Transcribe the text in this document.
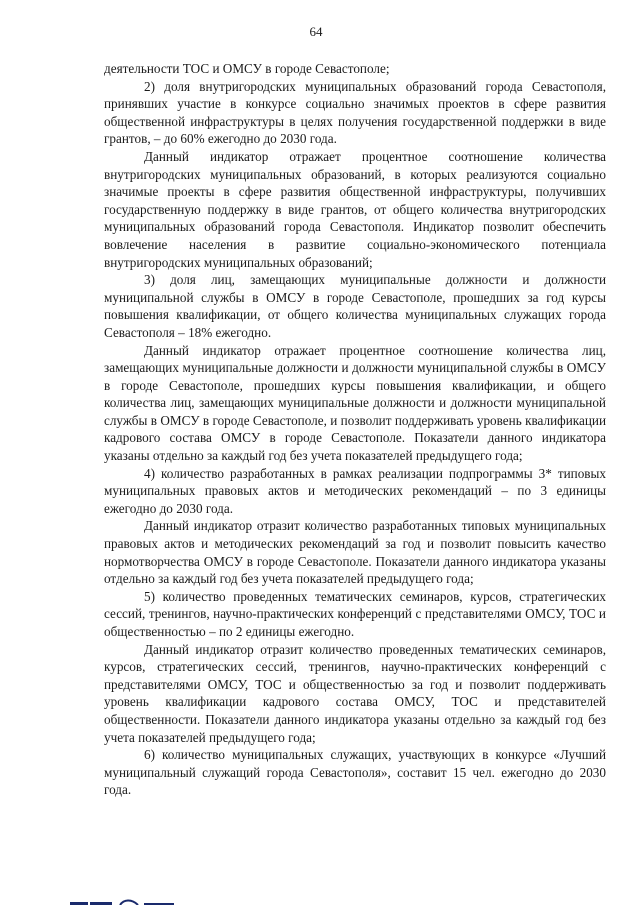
64

деятельности ТОС и ОМСУ в городе Севастополе;

2) доля внутригородских муниципальных образований города Севастополя, принявших участие в конкурсе социально значимых проектов в сфере развития общественной инфраструктуры в целях получения государственной поддержки в виде грантов, – до 60% ежегодно до 2030 года.

Данный индикатор отражает процентное соотношение количества внутригородских муниципальных образований, в которых реализуются социально значимые проекты в сфере развития общественной инфраструктуры, получивших государственную поддержку в виде грантов, от общего количества внутригородских муниципальных образований города Севастополя. Индикатор позволит обеспечить вовлечение населения в развитие социально-экономического потенциала внутригородских муниципальных образований;

3) доля лиц, замещающих муниципальные должности и должности муниципальной службы в ОМСУ в городе Севастополе, прошедших за год курсы повышения квалификации, от общего количества муниципальных служащих города Севастополя – 18% ежегодно.

Данный индикатор отражает процентное соотношение количества лиц, замещающих муниципальные должности и должности муниципальной службы в ОМСУ в городе Севастополе, прошедших курсы повышения квалификации, и общего количества лиц, замещающих муниципальные должности и должности муниципальной службы в ОМСУ в городе Севастополе, и позволит поддерживать уровень квалификации кадрового состава ОМСУ в городе Севастополе. Показатели данного индикатора указаны отдельно за каждый год без учета показателей предыдущего года;

4) количество разработанных в рамках реализации подпрограммы 3* типовых муниципальных правовых актов и методических рекомендаций – по 3 единицы ежегодно до 2030 года.

Данный индикатор отразит количество разработанных типовых муниципальных правовых актов и методических рекомендаций за год и позволит повысить качество нормотворчества ОМСУ в городе Севастополе. Показатели данного индикатора указаны отдельно за каждый год без учета показателей предыдущего года;

5) количество проведенных тематических семинаров, курсов, стратегических сессий, тренингов, научно-практических конференций с представителями ОМСУ, ТОС и общественностью – по 2 единицы ежегодно.

Данный индикатор отразит количество проведенных тематических семинаров, курсов, стратегических сессий, тренингов, научно-практических конференций с представителями ОМСУ, ТОС и общественностью за год и позволит поддерживать уровень квалификации кадрового состава ОМСУ, ТОС и представителей общественности. Показатели данного индикатора указаны отдельно за каждый год без учета показателей предыдущего года;

6) количество муниципальных служащих, участвующих в конкурсе «Лучший муниципальный служащий города Севастополя», составит 15 чел. ежегодно до 2030 года.
